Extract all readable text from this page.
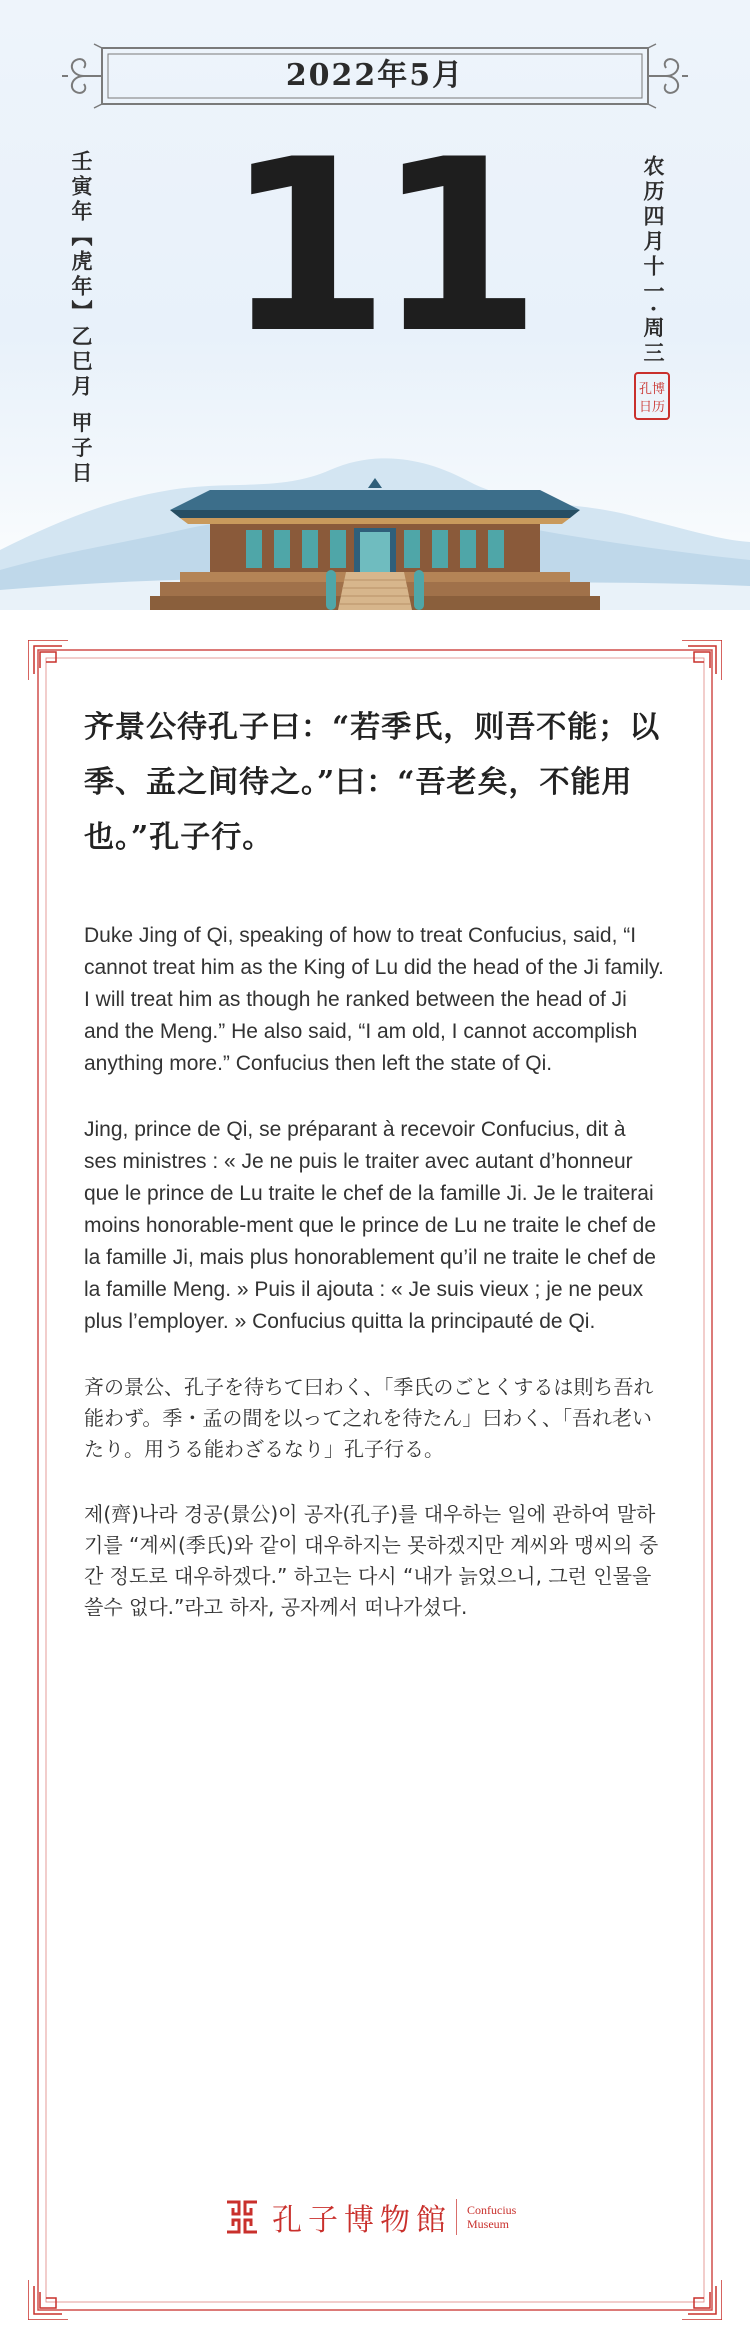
2022年5月
11
壬寅年【虎年】乙巳月 甲子日	农历四月十一·周三
孔博
日历

齐景公待孔子曰：“若季氏，则吾不能；以季、孟之间待之。”曰：“吾老矣，不能用也。”孔子行。

Duke Jing of Qi, speaking of how to treat Confucius, said, “I cannot treat him as the King of Lu did the head of the Ji family. I will treat him as though he ranked between the head of Ji and the Meng.” He also said, “I am old, I cannot accomplish anything more.” Confucius then left the state of Qi.

Jing, prince de Qi, se préparant à recevoir Confucius, dit à ses ministres : « Je ne puis le traiter avec autant d’honneur que le prince de Lu traite le chef de la famille Ji. Je le traiterai moins honorable-ment que le prince de Lu ne traite le chef de la famille Ji, mais plus honorablement qu’il ne traite le chef de la famille Meng. » Puis il ajouta : « Je suis vieux ; je ne peux plus l’employer. » Confucius quitta la principauté de Qi.

斉の景公、孔子を待ちて曰わく、「季氏のごとくするは則ち吾れ能わず。季・孟の間を以って之れを待たん」曰わく、「吾れ老いたり。用うる能わざるなり」孔子行る。

제(齊)나라 경공(景公)이 공자(孔子)를 대우하는 일에 관하여 말하기를 “계씨(季氏)와 같이 대우하지는 못하겠지만 계씨와 맹씨의 중간 정도로 대우하겠다.” 하고는 다시 “내가 늙었으니, 그런 인물을 쓸수 없다.”라고 하자, 공자께서 떠나가셨다.

孔子博物館 Confucius
Museum
